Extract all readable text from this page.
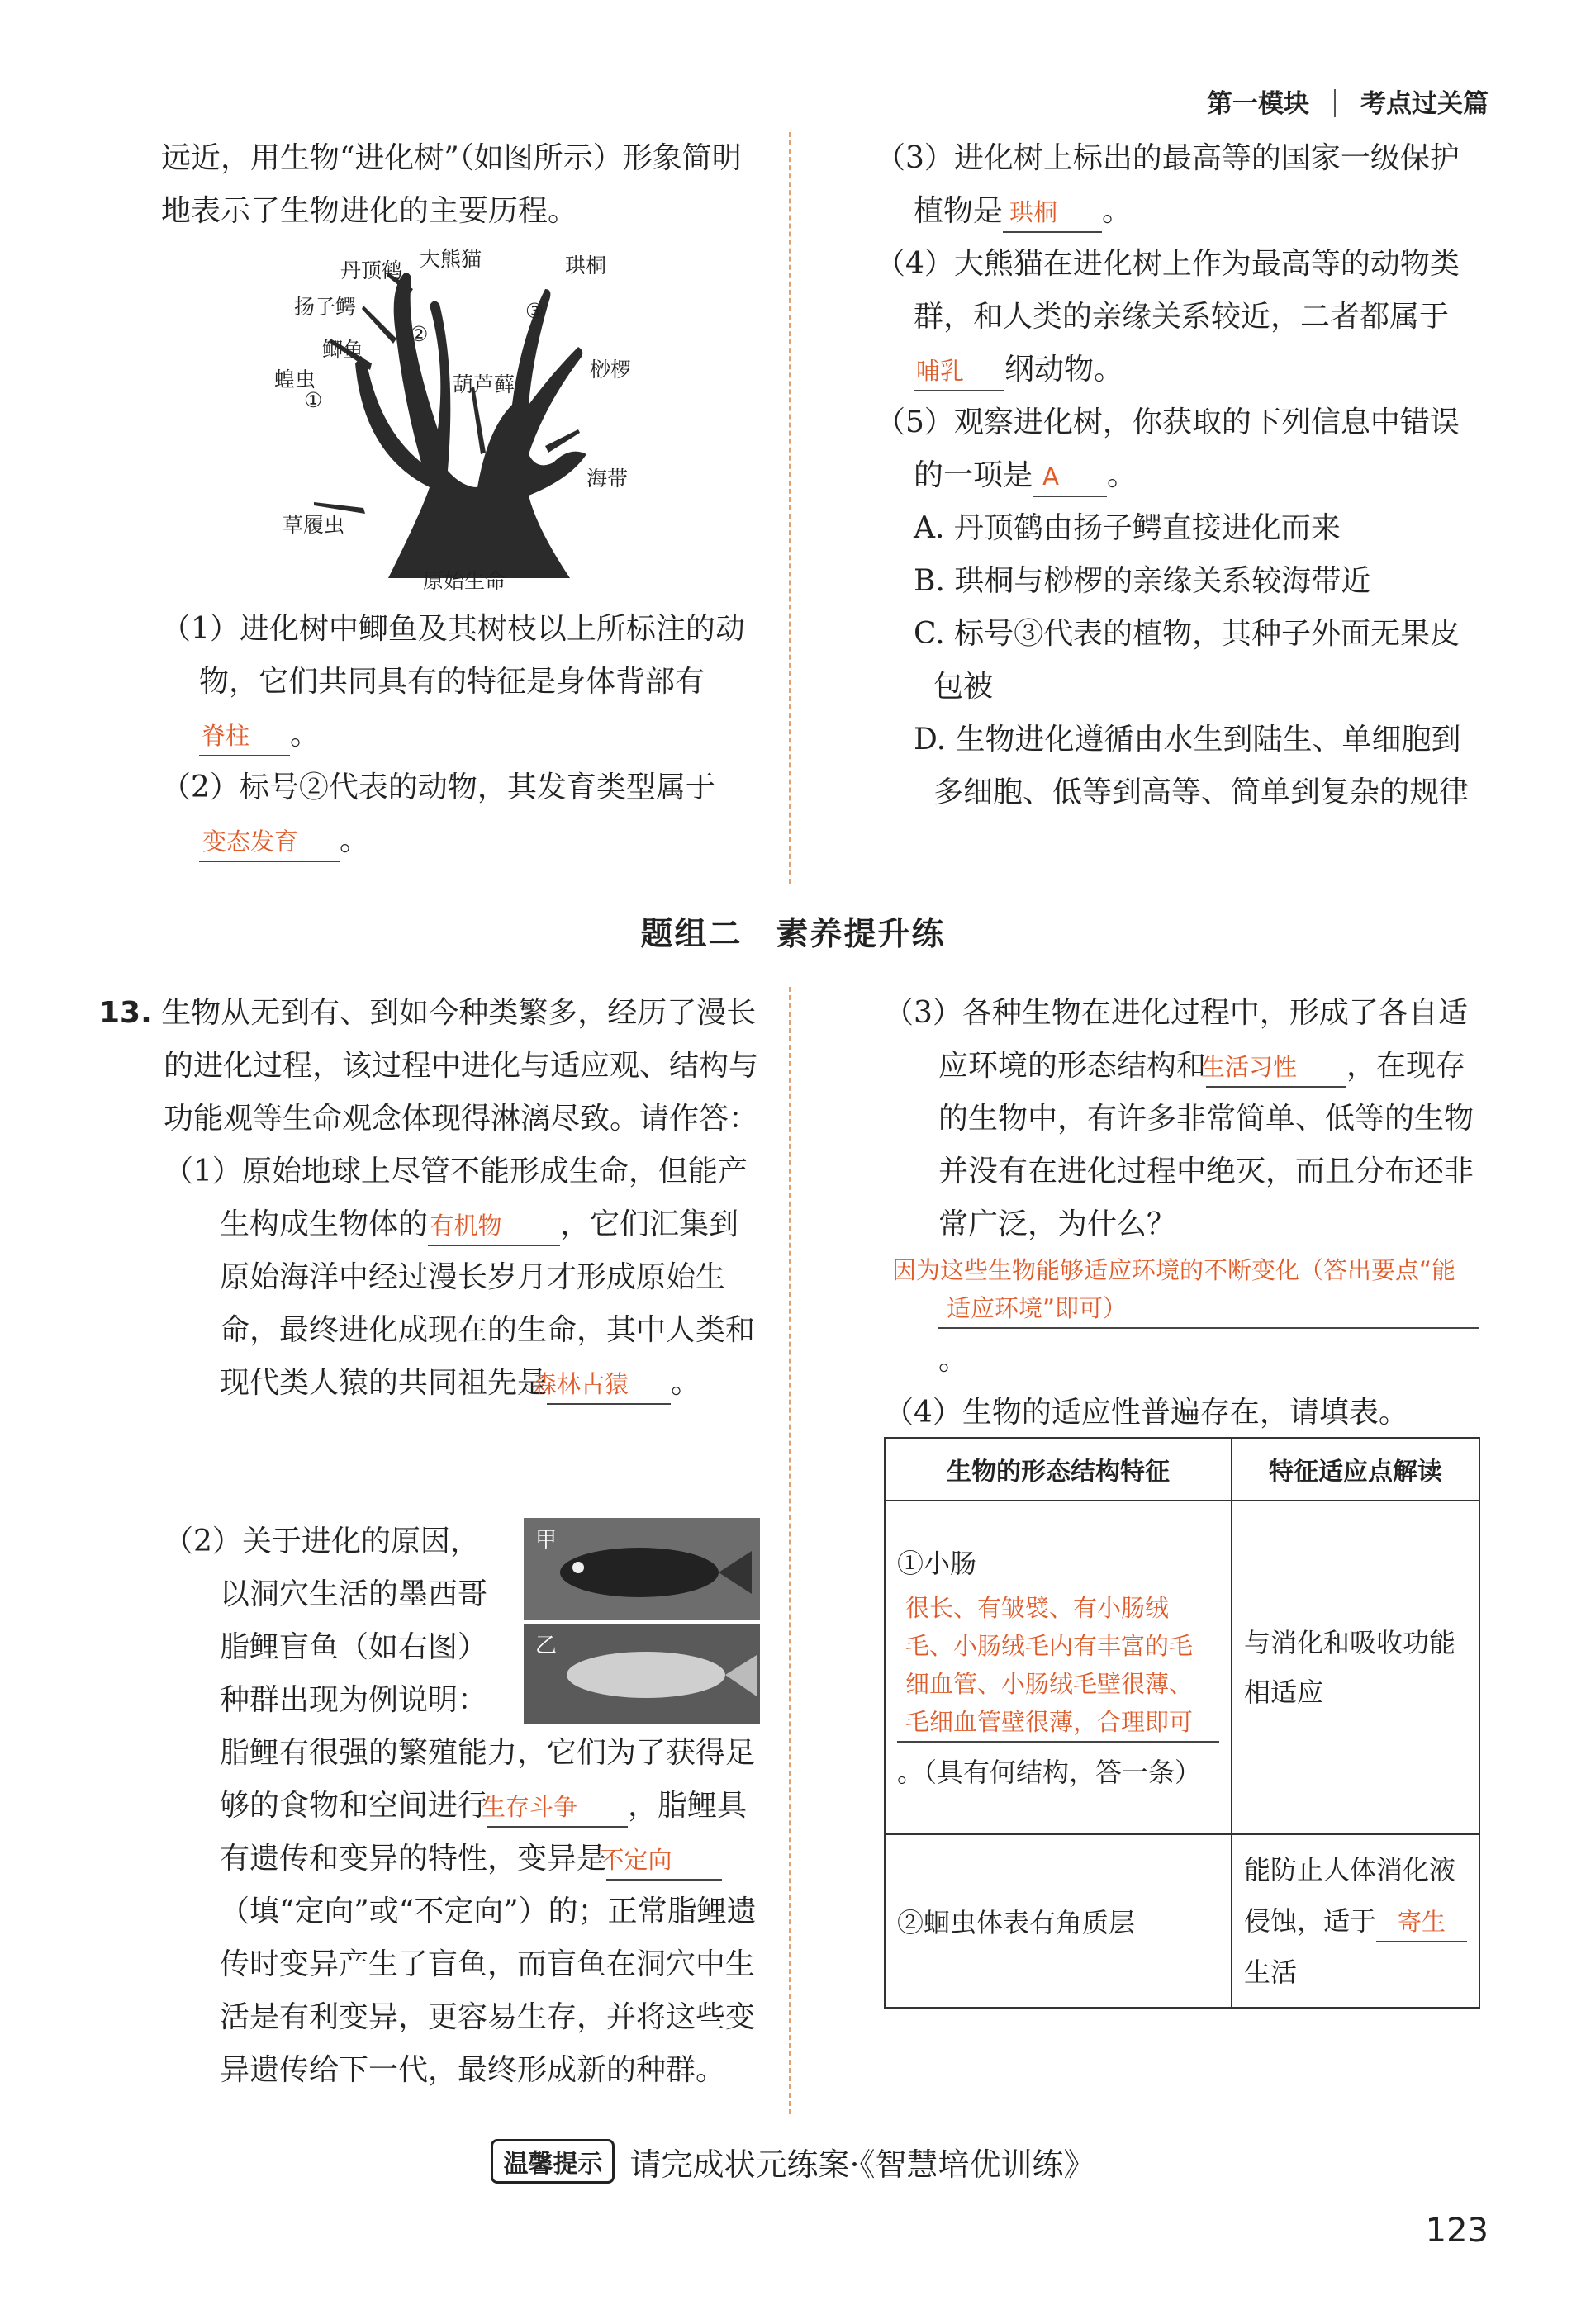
第一模块 考点过关篇

远近，用生物“进化树”（如图所示）形象简明地表示了生物进化的主要历程。

丹顶鹤 大熊猫	珙桐
扬子鳄
②
③
鲫鱼
蝗虫
①
葫芦藓
桫椤
海带
草履虫
原始生命

（1）进化树中鲫鱼及其树枝以上所标注的动物，它们共同具有的特征是身体背部有脊柱 。

（2）标号②代表的动物，其发育类型属于变态发育 。

（3）进化树上标出的最高等的国家一级保护植物是 珙桐 。

（4）大熊猫在进化树上作为最高等的动物类群，和人类的亲缘关系较近，二者都属于哺乳 纲动物。

（5）观察进化树，你获取的下列信息中错误的一项是 A 。

A. 丹顶鹤由扬子鳄直接进化而来

B. 珙桐与桫椤的亲缘关系较海带近

C. 标号③代表的植物，其种子外面无果皮包被

D. 生物进化遵循由水生到陆生、单细胞到多细胞、低等到高等、简单到复杂的规律

题组二　素养提升练

13. 生物从无到有、到如今种类繁多，经历了漫长的进化过程，该过程中进化与适应观、结构与功能观等生命观念体现得淋漓尽致。请作答：

（1）原始地球上尽管不能形成生命，但能产生构成生物体的有机物 ，它们汇集到原始海洋中经过漫长岁月才形成原始生命，最终进化成现在的生命，其中人类和现代类人猿的共同祖先是森林古猿 。

（2）关于进化的原因，以洞穴生活的墨西哥脂鲤盲鱼（如右图）种群出现为例说明：脂鲤有很强的繁殖能力，它们为了获得足够的食物和空间进行生存斗争 ，脂鲤具有遗传和变异的特性，变异是不定向（填“定向”或“不定向”）的；正常脂鲤遗传时变异产生了盲鱼，而盲鱼在洞穴中生活是有利变异，更容易生存，并将这些变异遗传给下一代，最终形成新的种群。

甲
乙

（3）各种生物在进化过程中，形成了各自适应环境的形态结构和生活习性 ，在现存的生物中，有许多非常简单、低等的生物并没有在进化过程中绝灭，而且分布还非常广泛，为什么？因为这些生物能够适应环境的不断变化（答出要点“能适应环境”即可）。

（4）生物的适应性普遍存在，请填表。

生物的形态结构特征	特征适应点解读
①小肠很长、有皱襞、有小肠绒毛、小肠绒毛内有丰富的毛细血管、小肠绒毛壁很薄、毛细血管壁很薄，合理即可。（具有何结构，答一条）	与消化和吸收功能相适应
②蛔虫体表有角质层	能防止人体消化液侵蚀，适于 寄生生活
温馨提示 请完成状元练案·《智慧培优训练》
123
